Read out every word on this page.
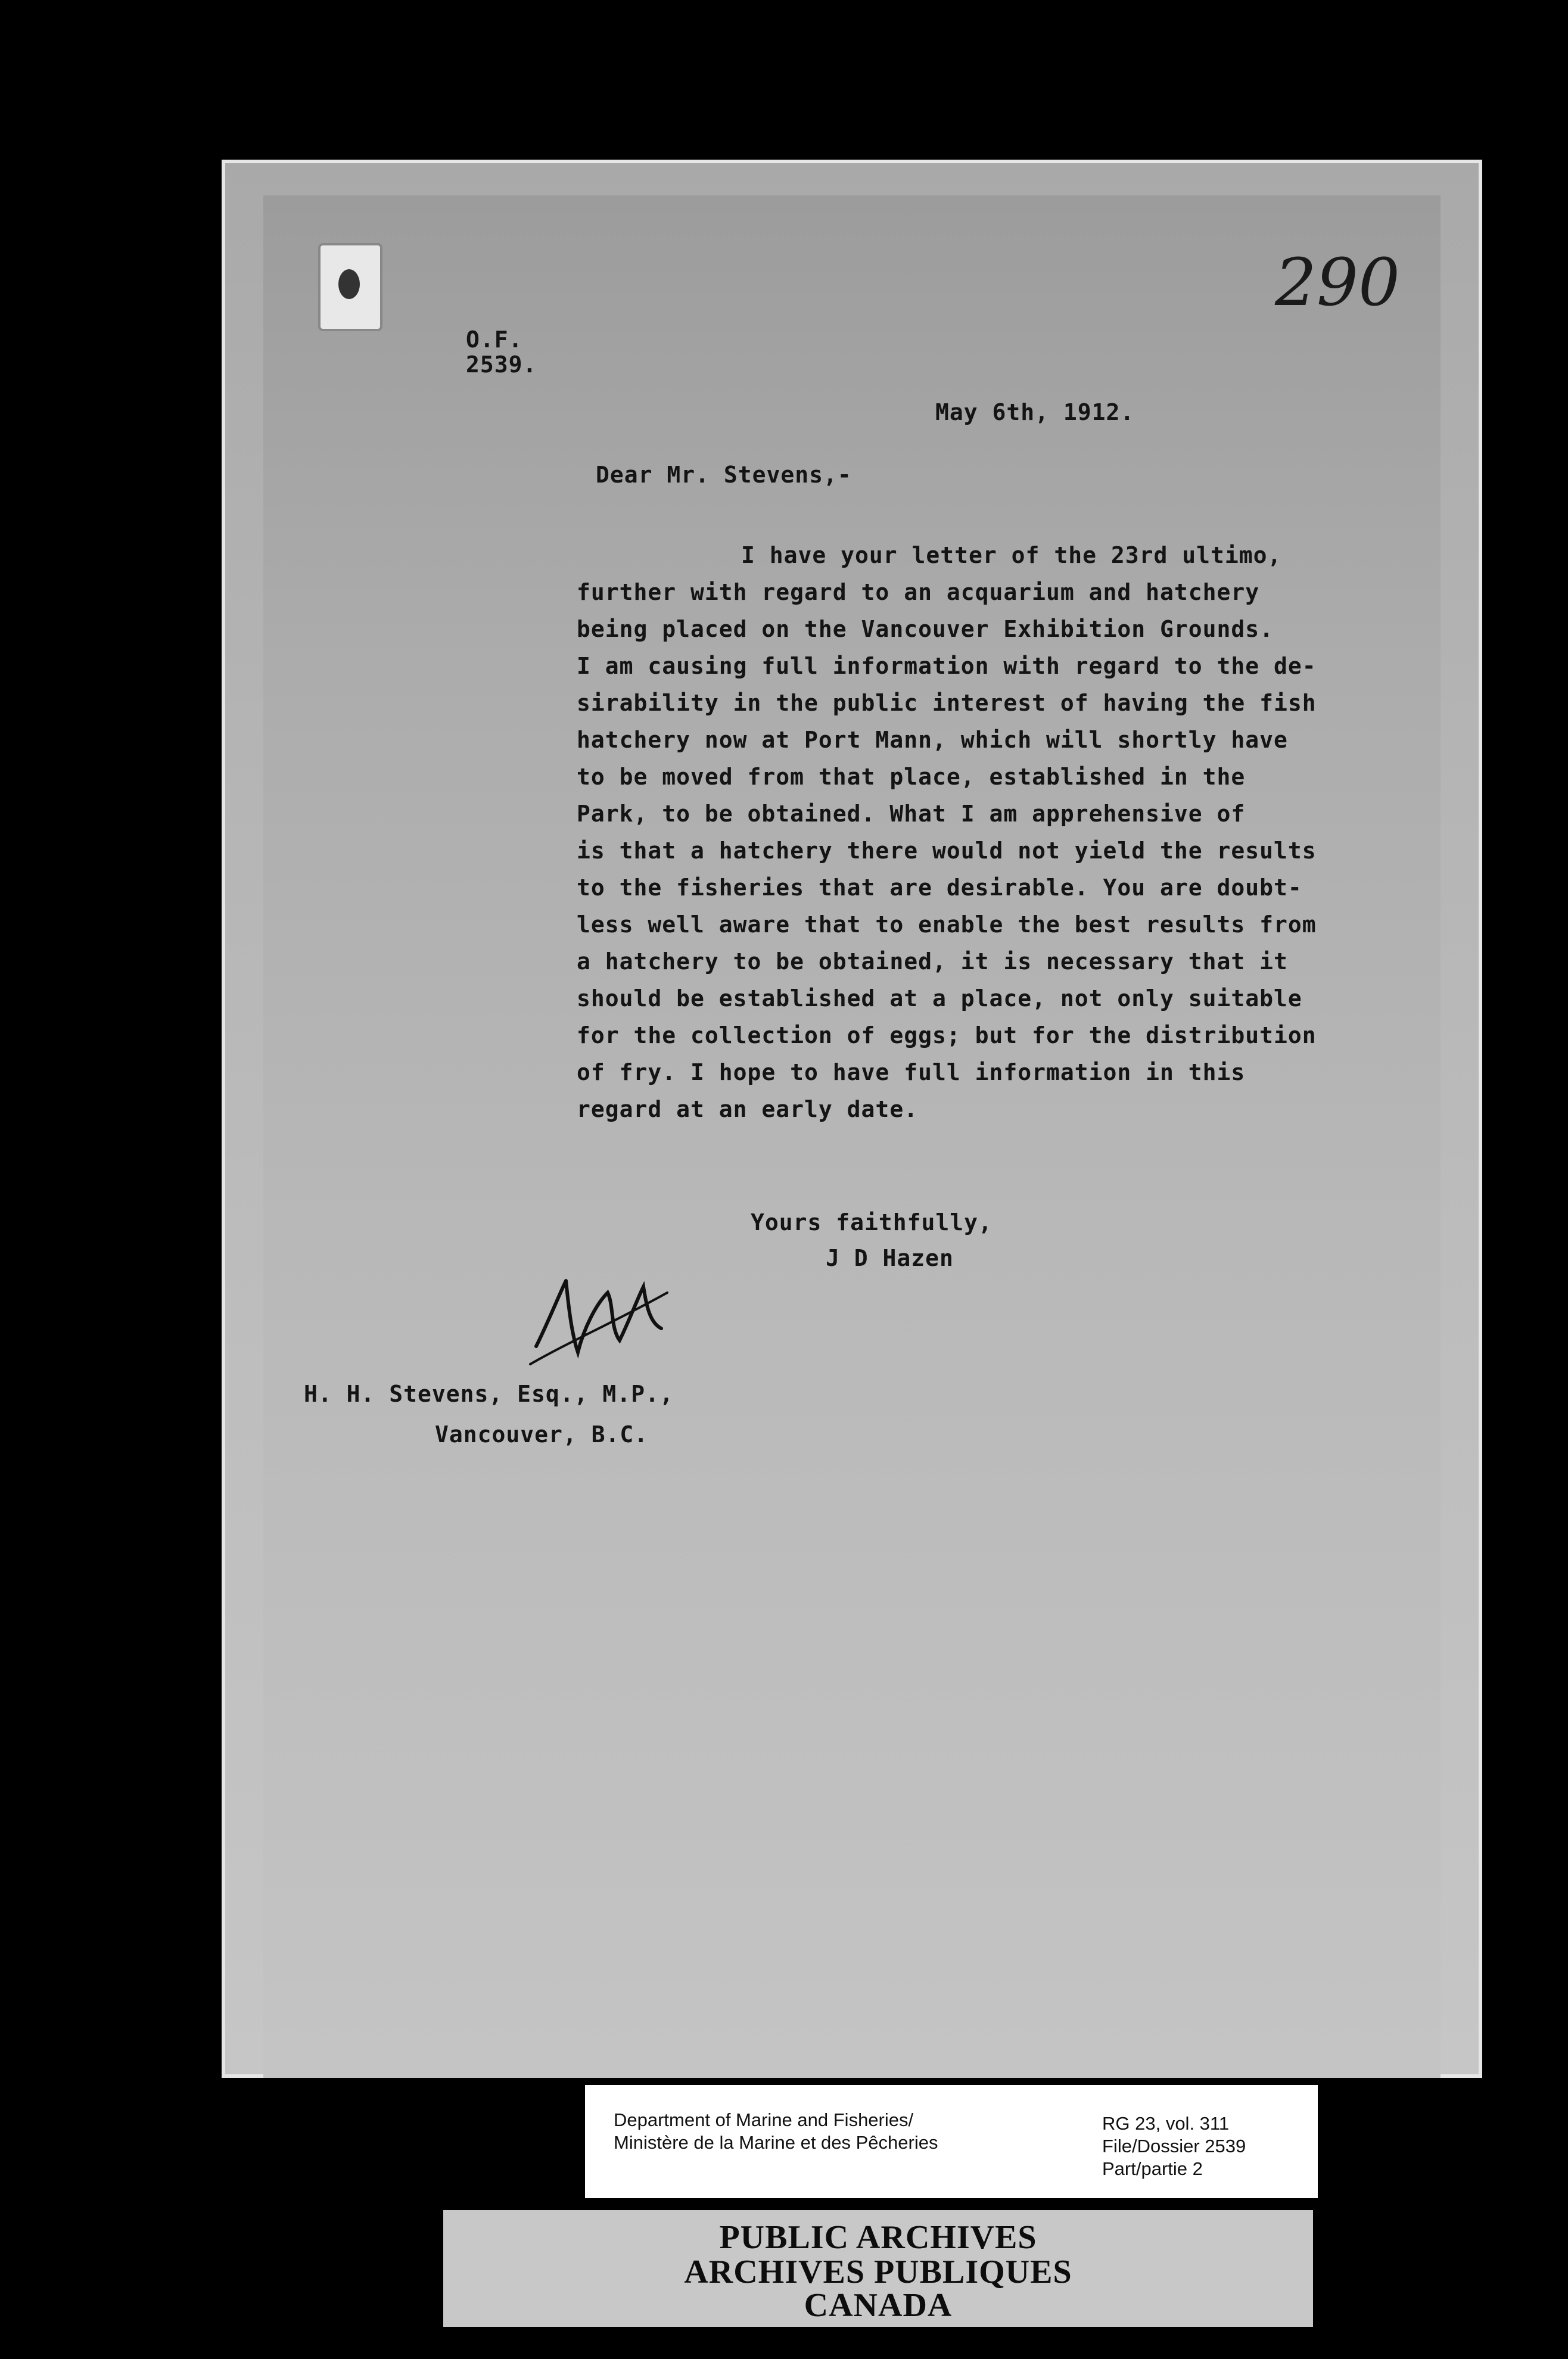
290
O.F.
2539.
May 6th, 1912.
Dear Mr. Stevens,-
I have your letter of the 23rd ultimo,
further with regard to an acquarium and hatchery
being placed on the Vancouver Exhibition Grounds.
I am causing full information with regard to the de-
sirability in the public interest of having the fish
hatchery now at Port Mann, which will shortly have
to be moved from that place, established in the
Park, to be obtained. What I am apprehensive of
is that a hatchery there would not yield the results
to the fisheries that are desirable. You are doubt-
less well aware that to enable the best results from
a hatchery to be obtained, it is necessary that it
should be established at a place, not only suitable
for the collection of eggs; but for the distribution
of fry. I hope to have full information in this
regard at an early date.
Yours faithfully,
J D Hazen
H. H. Stevens, Esq., M.P.,
Vancouver, B.C.
Department of Marine and Fisheries/
Ministère de la Marine et des Pêcheries
RG 23, vol. 311
File/Dossier 2539
Part/partie 2
PUBLIC ARCHIVES
ARCHIVES PUBLIQUES
CANADA
